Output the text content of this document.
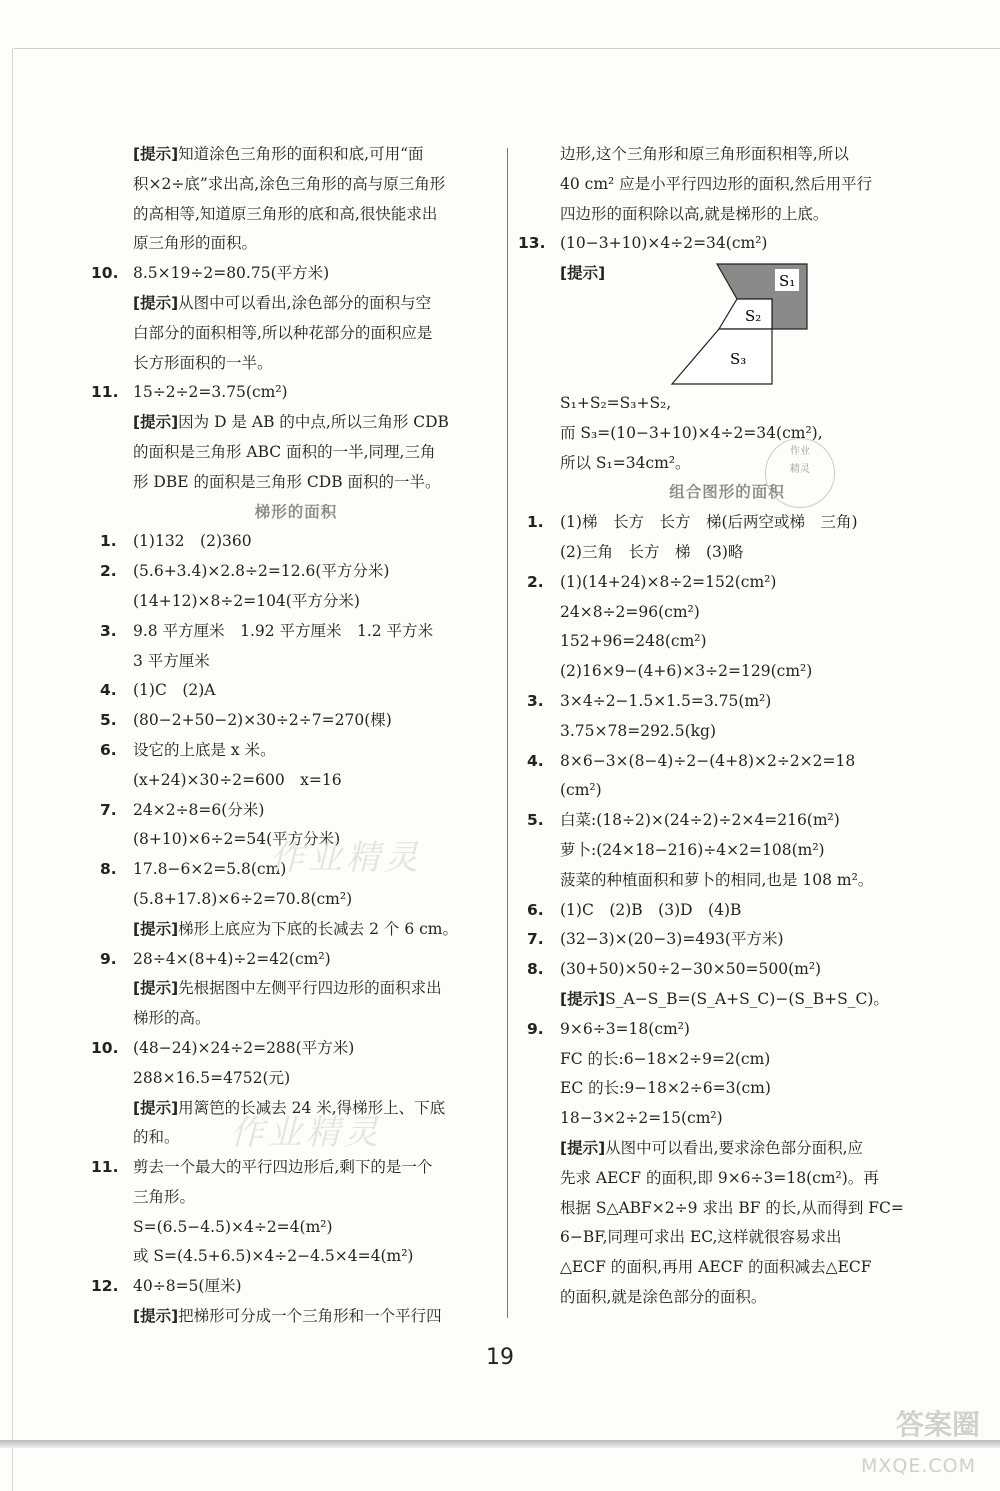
[提示]知道涂色三角形的面积和底,可用“面
积×2÷底”求出高,涂色三角形的高与原三角形
的高相等,知道原三角形的底和高,很快能求出
原三角形的面积。
10. 8.5×19÷2=80.75(平方米)
[提示]从图中可以看出,涂色部分的面积与空
白部分的面积相等,所以种花部分的面积应是
长方形面积的一半。
11. 15÷2÷2=3.75(cm²)
[提示]因为 D 是 AB 的中点,所以三角形 CDB
的面积是三角形 ABC 面积的一半,同理,三角
形 DBE 的面积是三角形 CDB 面积的一半。
梯形的面积
1. (1)132　(2)360
2. (5.6+3.4)×2.8÷2=12.6(平方分米)
(14+12)×8÷2=104(平方分米)
3. 9.8 平方厘米　1.92 平方厘米　1.2 平方米
3 平方厘米
4. (1)C　(2)A
5. (80−2+50−2)×30÷2÷7=270(棵)
6. 设它的上底是 x 米。
(x+24)×30÷2=600　x=16
7. 24×2÷8=6(分米)
(8+10)×6÷2=54(平方分米)
8. 17.8−6×2=5.8(cm)
(5.8+17.8)×6÷2=70.8(cm²)
[提示]梯形上底应为下底的长减去 2 个 6 cm。
9. 28÷4×(8+4)÷2=42(cm²)
[提示]先根据图中左侧平行四边形的面积求出
梯形的高。
10. (48−24)×24÷2=288(平方米)
288×16.5=4752(元)
[提示]用篱笆的长减去 24 米,得梯形上、下底
的和。
11. 剪去一个最大的平行四边形后,剩下的是一个
三角形。
S=(6.5−4.5)×4÷2=4(m²)
或 S=(4.5+6.5)×4÷2−4.5×4=4(m²)
12. 40÷8=5(厘米)
[提示]把梯形可分成一个三角形和一个平行四
边形,这个三角形和原三角形面积相等,所以
40 cm² 应是小平行四边形的面积,然后用平行
四边形的面积除以高,就是梯形的上底。
13. (10−3+10)×4÷2=34(cm²)
[提示]	S₁
S₂
S₃
S₁+S₂=S₃+S₂,
而 S₃=(10−3+10)×4÷2=34(cm²),
所以 S₁=34cm²。
组合图形的面积
1. (1)梯　长方　长方　梯(后两空或梯　三角)
(2)三角　长方　梯　(3)略
2. (1)(14+24)×8÷2=152(cm²)
24×8÷2=96(cm²)
152+96=248(cm²)
(2)16×9−(4+6)×3÷2=129(cm²)
3. 3×4÷2−1.5×1.5=3.75(m²)
3.75×78=292.5(kg)
4. 8×6−3×(8−4)÷2−(4+8)×2÷2×2=18
(cm²)
5. 白菜:(18÷2)×(24÷2)÷2×4=216(m²)
萝卜:(24×18−216)÷4×2=108(m²)
菠菜的种植面积和萝卜的相同,也是 108 m²。
6. (1)C　(2)B　(3)D　(4)B
7. (32−3)×(20−3)=493(平方米)
8. (30+50)×50÷2−30×50=500(m²)
[提示]S_A−S_B=(S_A+S_C)−(S_B+S_C)。
9. 9×6÷3=18(cm²)
FC 的长:6−18×2÷9=2(cm)
EC 的长:9−18×2÷6=3(cm)
18−3×2÷2=15(cm²)
[提示]从图中可以看出,要求涂色部分面积,应
先求 AECF 的面积,即 9×6÷3=18(cm²)。再
根据 S△ABF×2÷9 求出 BF 的长,从而得到 FC=
6−BF,同理可求出 EC,这样就很容易求出
△ECF 的面积,再用 AECF 的面积减去△ECF
的面积,就是涂色部分的面积。
作业
精灵
作业精灵
作业精灵
19
答案圈
MXQE.COM
